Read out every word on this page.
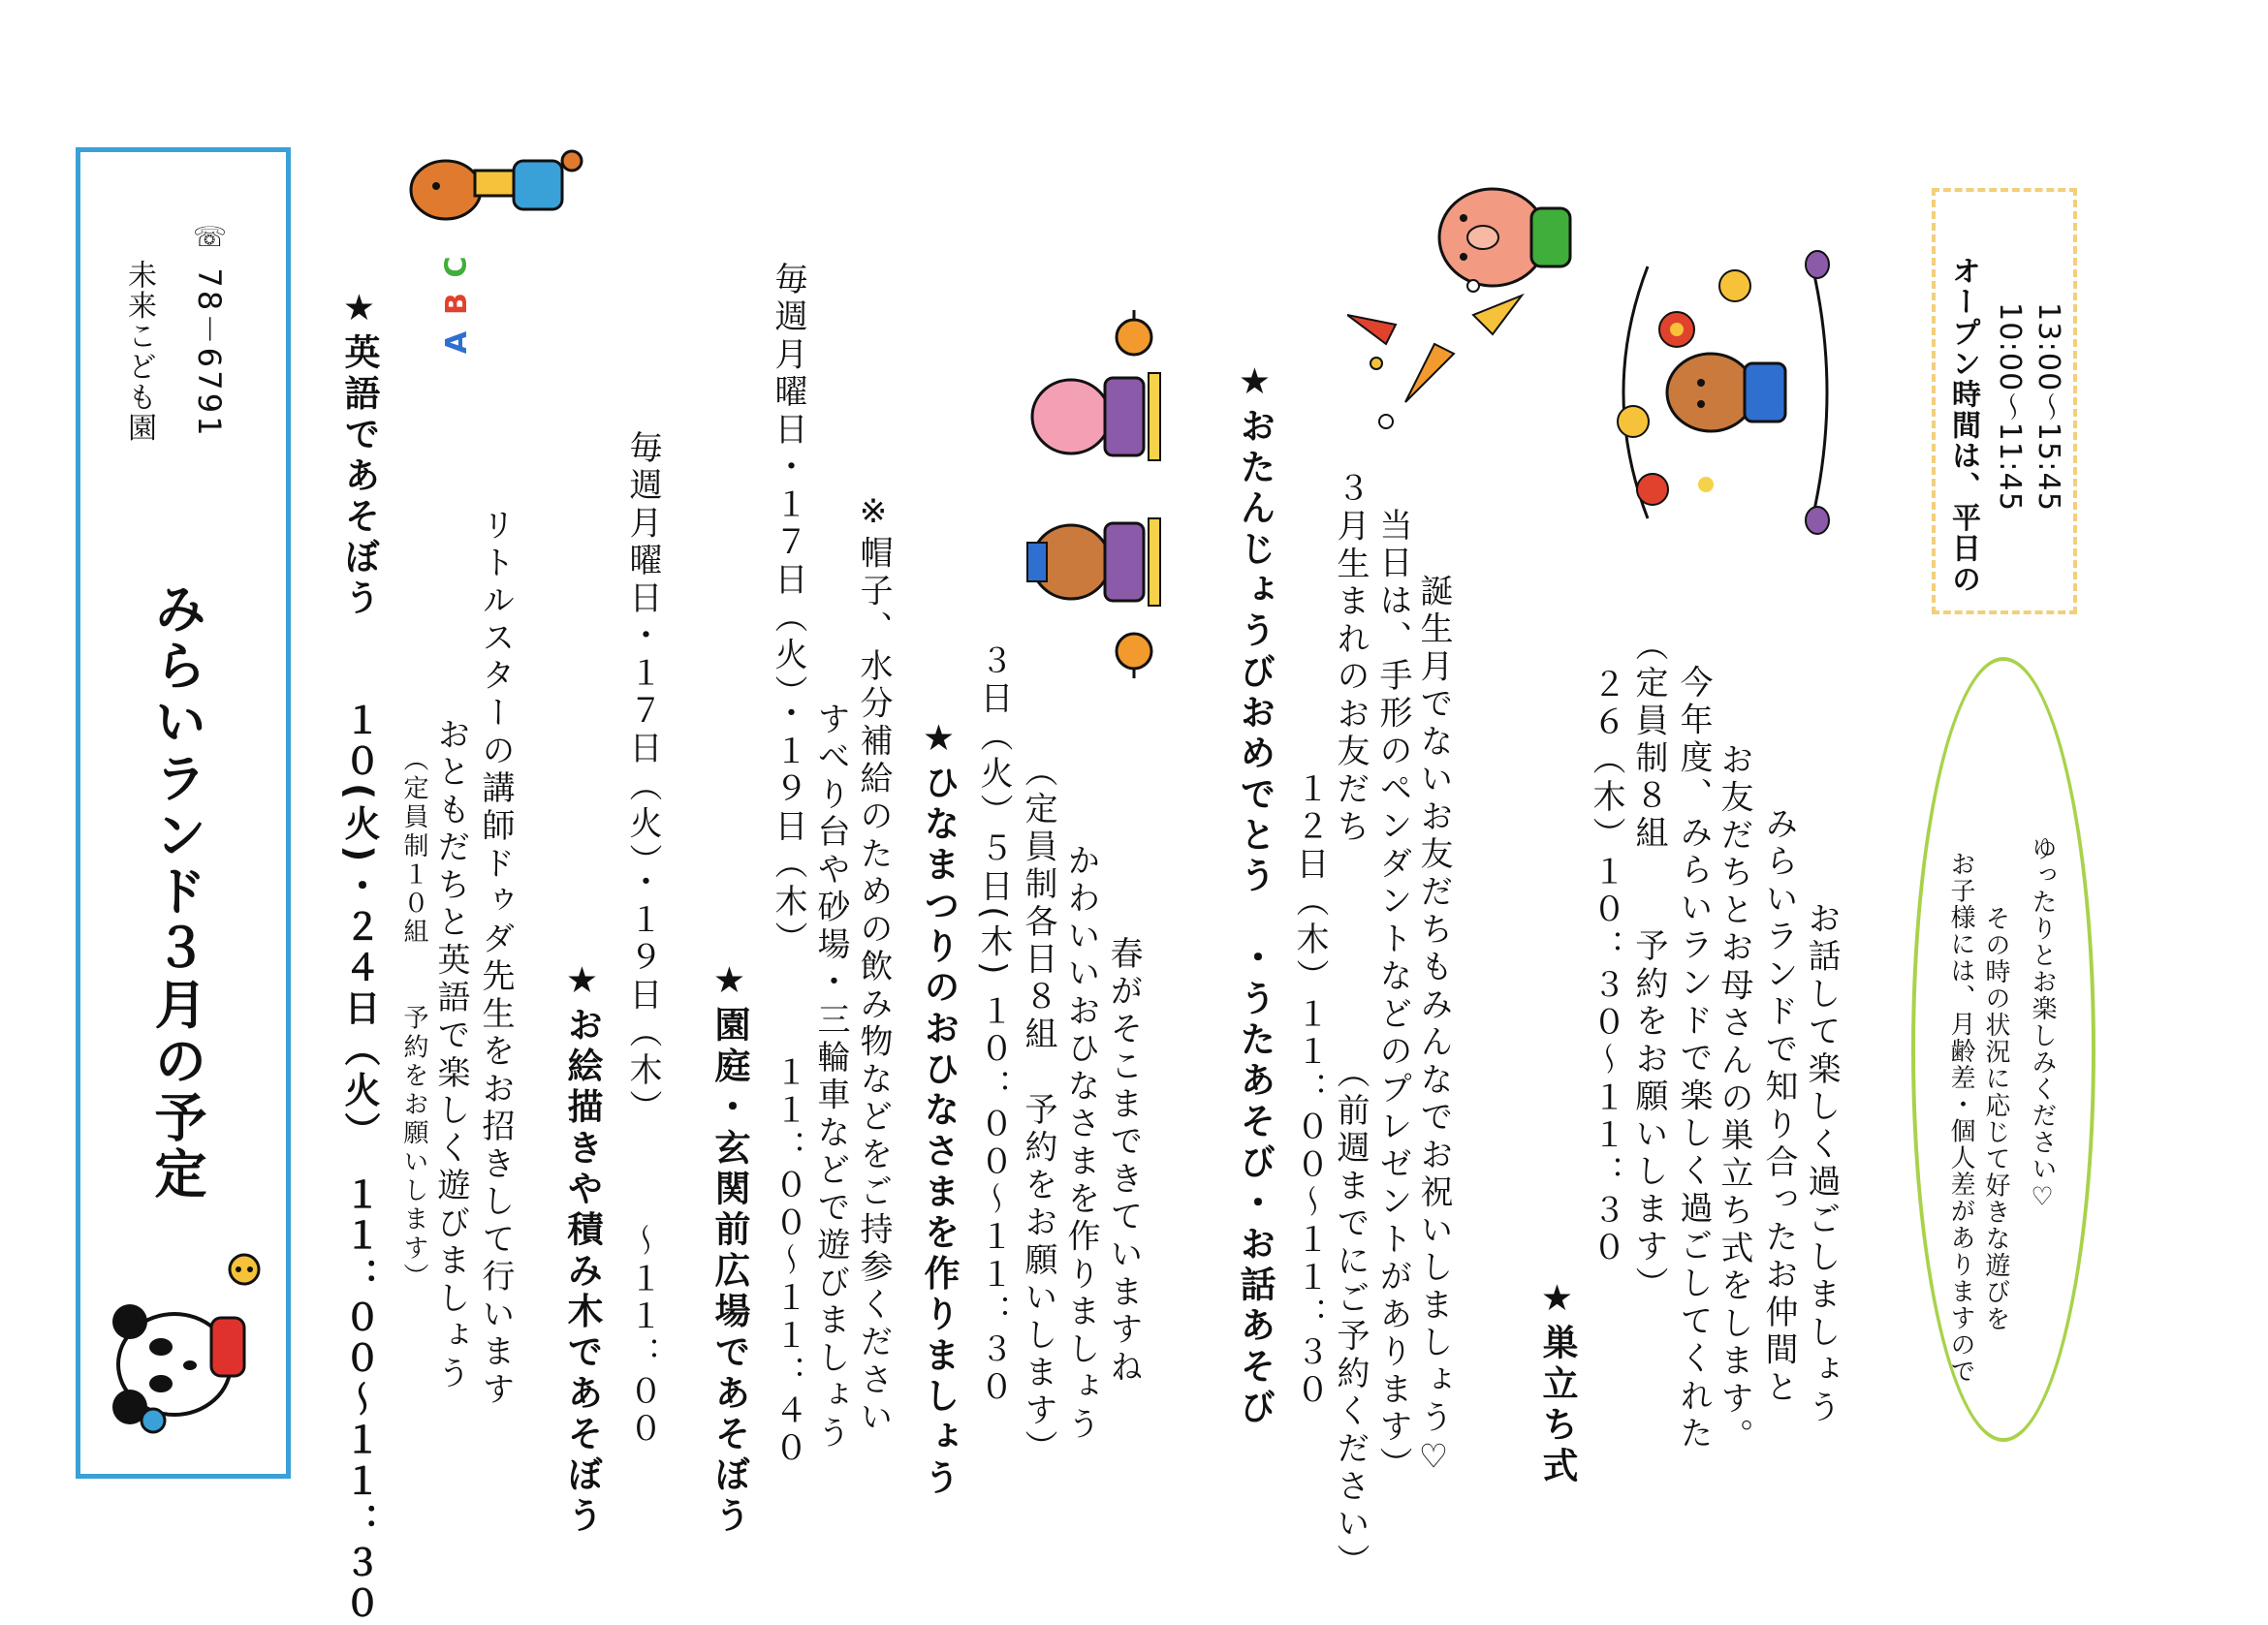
みらいランド３月の予定
未来こども園
☏ 78－6791	★英語であそぼう　　１０(火)・２４日（火）　１１：００～１１：３０ （定員制１０組　　予約をお願いします） おともだちと英語で楽しく遊びましょう リトルスターの講師ドゥダ先生をお招きして行います ★お絵描きや積み木であそぼう 毎週月曜日・１７日（火）・１９日（木）　　　～１１：００ ★園庭・玄関前広場であそぼう 毎週月曜日・１７日（火）・１９日（木）　　　１１：００～１１：４０ すべり台や砂場・三輪車などで遊びましょう ※帽子、水分補給のための飲み物などをご持参ください ★ひなまつりのおひなさまを作りましょう ３日（火）５日(木) １０：００～１１：３０ （定員制各日８組　予約をお願いします） かわいいおひなさまを作りましょう 春がそこまできていますね	★おたんじょうびおめでとう　・うたあそび・お話あそび １２日（木）１１：００～１１：３０ ３月生まれのお友だち　　　　　　（前週までにご予約ください） 当日は、手形のペンダントなどのプレゼントがあります） 誕生月でないお友だちもみんなでお祝いしましょう♡ ★巣立ち式
２６（木）１０：３０～１１：３０ （定員制８組　　予約をお願いします） 今年度、みらいランドで楽しく過ごしてくれた お友だちとお母さんの巣立ち式をします。 みらいランドで知り合ったお仲間と お話して楽しく過ごしましょう
C
B
A	オープン時間は、平日の 10:00～11:45 13:00～15:45
お子様には、月齢差・個人差がありますので その時の状況に応じて好きな遊びを ゆったりとお楽しみください♡
